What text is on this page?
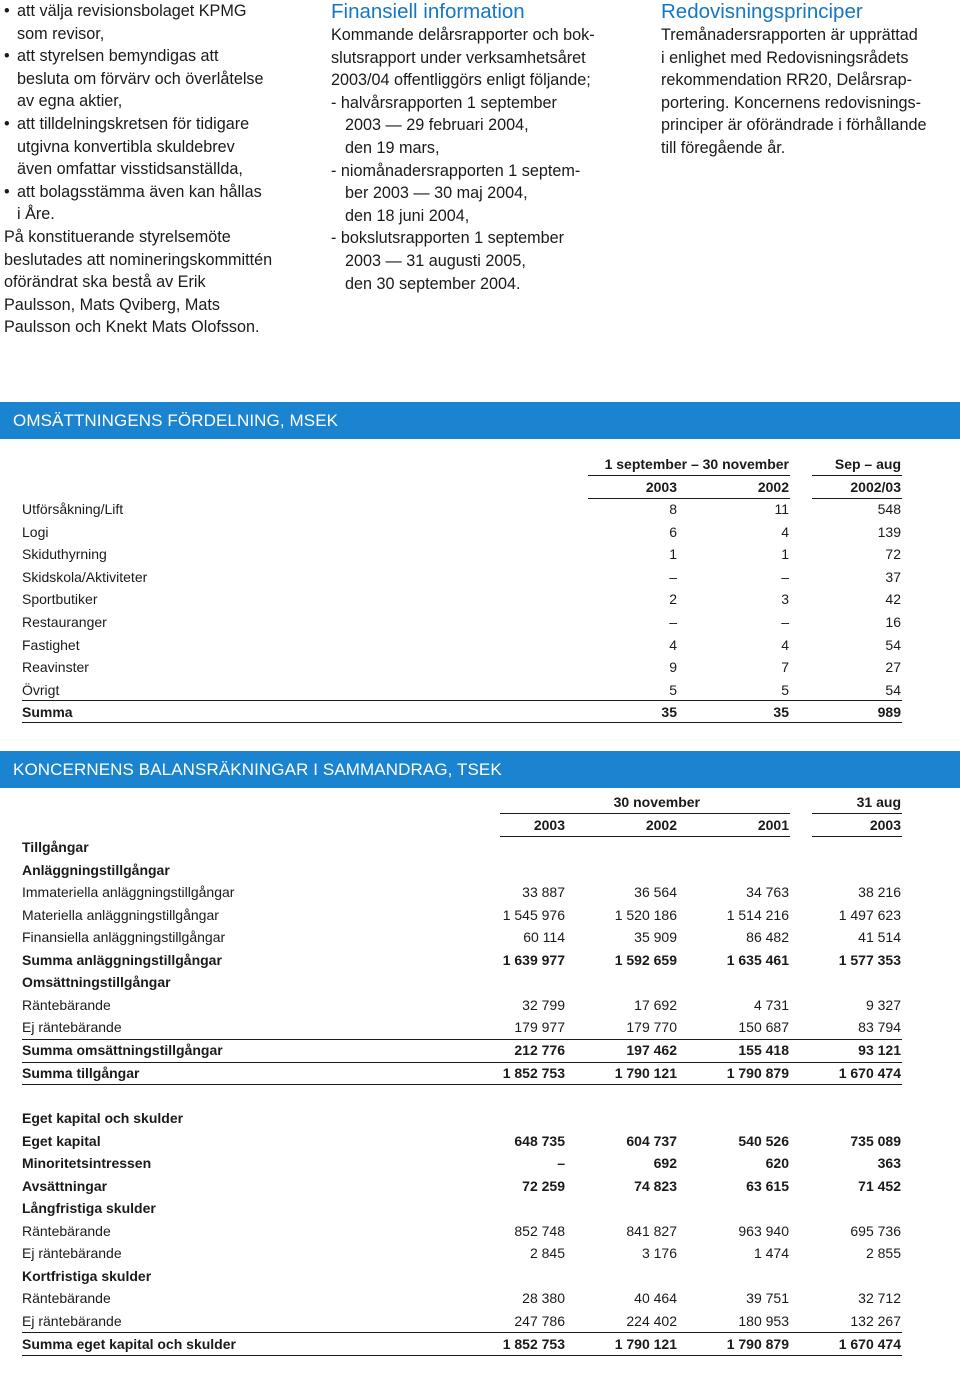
• att välja revisionsbolaget KPMG
som revisor,
• att styrelsen bemyndigas att
besluta om förvärv och överlåtelse
av egna aktier,
• att tilldelningskretsen för tidigare
utgivna konvertibla skuldebrev
även omfattar visstidsanställda,
• att bolagsstämma även kan hållas
i Åre.
På konstituerande styrelsemöte
beslutades att nomineringskommittén
oförändrat ska bestå av Erik
Paulsson, Mats Qviberg, Mats
Paulsson och Knekt Mats Olofsson.
Finansiell information
Kommande delårsrapporter och bok-
slutsrapport under verksamhetsåret
2003/04 offentliggörs enligt följande;
- halvårsrapporten 1 september
2003 — 29 februari 2004,
den 19 mars,
- niomånadersrapporten 1 septem-
ber 2003 — 30 maj 2004,
den 18 juni 2004,
- bokslutsrapporten 1 september
2003 — 31 augusti 2005,
den 30 september 2004.
Redovisningsprinciper
Tremånadersrapporten är upprättad
i enlighet med Redovisningsrådets
rekommendation RR20, Delårsrap-
portering. Koncernens redovisnings-
principer är oförändrade i förhållande
till föregående år.
OMSÄTTNINGENS FÖRDELNING, MSEK
1 september – 30 november	Sep – aug
2003	2002	2002/03
Utförsåkning/Lift	8	11	548
Logi	6	4	139
Skiduthyrning	1	1	72
Skidskola/Aktiviteter	–	–	37
Sportbutiker	2	3	42
Restauranger	–	–	16
Fastighet	4	4	54
Reavinster	9	7	27
Övrigt	5	5	54
Summa	35	35	989
KONCERNENS BALANSRÄKNINGAR I SAMMANDRAG, TSEK
30 november	31 aug
2003	2002	2001	2003
Tillgångar
Anläggningstillgångar
Immateriella anläggningstillgångar	33 887	36 564	34 763	38 216
Materiella anläggningstillgångar	1 545 976	1 520 186	1 514 216	1 497 623
Finansiella anläggningstillgångar	60 114	35 909	86 482	41 514
Summa anläggningstillgångar	1 639 977	1 592 659	1 635 461	1 577 353
Omsättningstillgångar
Räntebärande	32 799	17 692	4 731	9 327
Ej räntebärande	179 977	179 770	150 687	83 794
Summa omsättningstillgångar	212 776	197 462	155 418	93 121
Summa tillgångar	1 852 753	1 790 121	1 790 879	1 670 474
Eget kapital och skulder
Eget kapital	648 735	604 737	540 526	735 089
Minoritetsintressen	–	692	620	363
Avsättningar	72 259	74 823	63 615	71 452
Långfristiga skulder
Räntebärande	852 748	841 827	963 940	695 736
Ej räntebärande	2 845	3 176	1 474	2 855
Kortfristiga skulder
Räntebärande	28 380	40 464	39 751	32 712
Ej räntebärande	247 786	224 402	180 953	132 267
Summa eget kapital och skulder	1 852 753	1 790 121	1 790 879	1 670 474
